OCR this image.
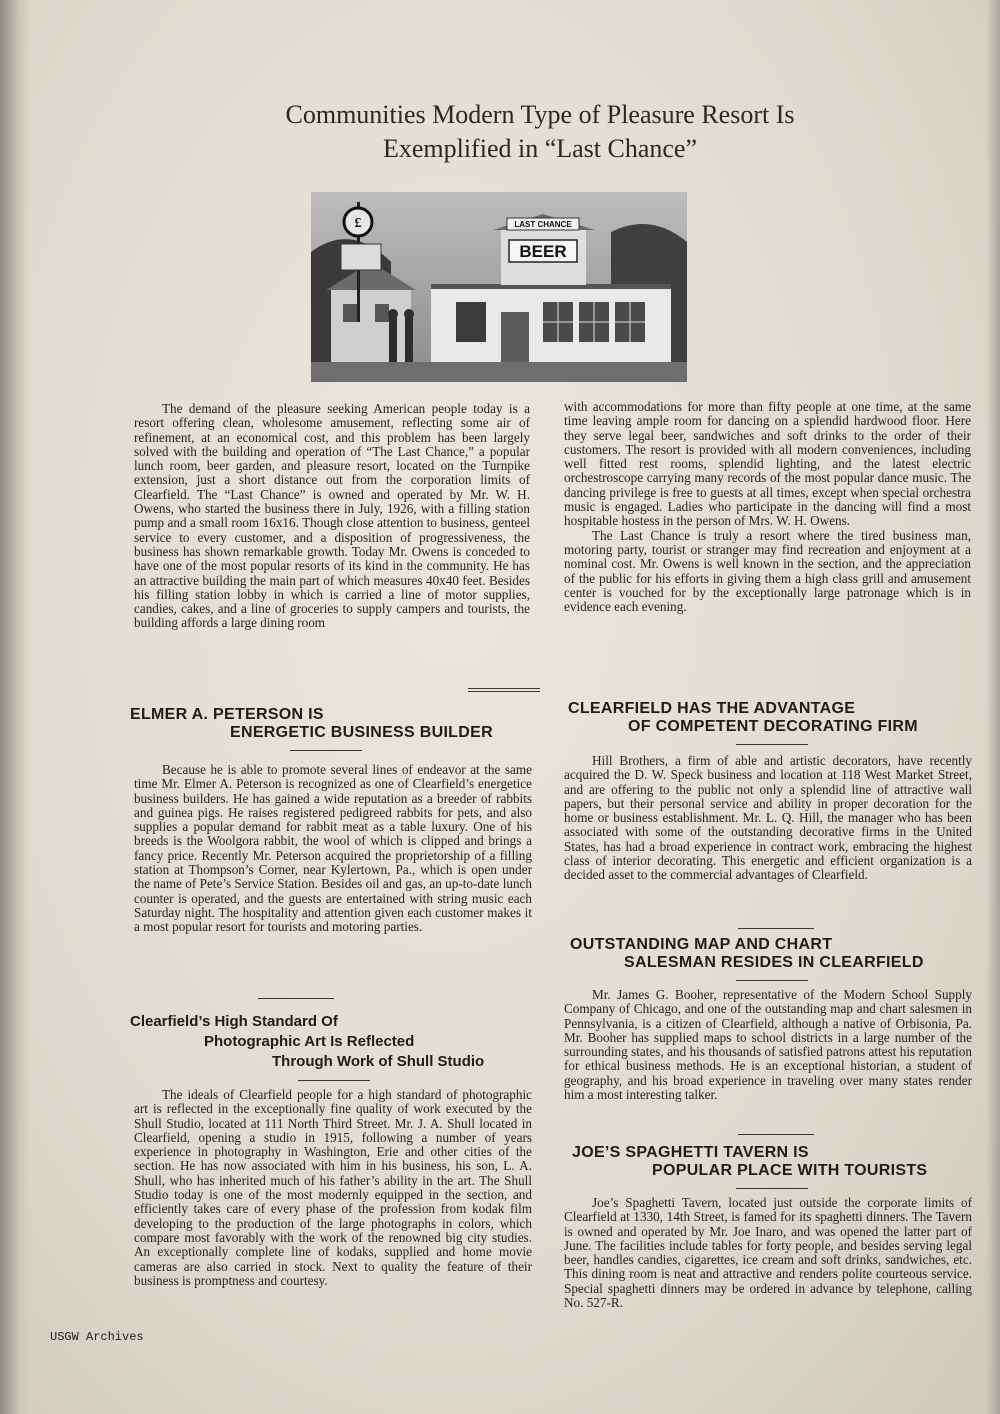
Communities Modern Type of Pleasure Resort Is
Exemplified in “Last Chance”
£	LAST CHANCE
BEER

The demand of the pleasure seeking American people today is a resort offering clean, wholesome amusement, reflecting some air of refinement, at an economical cost, and this problem has been largely solved with the building and operation of “The Last Chance,” a popular lunch room, beer garden, and pleasure resort, located on the Turnpike extension, just a short distance out from the corporation limits of Clearfield. The “Last Chance” is owned and operated by Mr. W. H. Owens, who started the business there in July, 1926, with a filling station pump and a small room 16x16. Though close attention to business, genteel service to every customer, and a disposition of progressiveness, the business has shown remarkable growth. Today Mr. Owens is conceded to have one of the most popular resorts of its kind in the community. He has an attractive building the main part of which measures 40x40 feet. Besides his filling station lobby in which is carried a line of motor supplies, candies, cakes, and a line of groceries to supply campers and tourists, the building affords a large dining room

with accommodations for more than fifty people at one time, at the same time leaving ample room for dancing on a splendid hardwood floor. Here they serve legal beer, sandwiches and soft drinks to the order of their customers. The resort is provided with all modern conveniences, including well fitted rest rooms, splendid lighting, and the latest electric orchestroscope carrying many records of the most popular dance music. The dancing privilege is free to guests at all times, except when special orchestra music is engaged. Ladies who participate in the dancing will find a most hospitable hostess in the person of Mrs. W. H. Owens.

The Last Chance is truly a resort where the tired business man, motoring party, tourist or stranger may find recreation and enjoyment at a nominal cost. Mr. Owens is well known in the section, and the appreciation of the public for his efforts in giving them a high class grill and amusement center is vouched for by the exceptionally large patronage which is in evidence each evening.

ELMER A. PETERSON IS
ENERGETIC BUSINESS BUILDER

Because he is able to promote several lines of endeavor at the same time Mr. Elmer A. Peterson is recognized as one of Clearfield’s energetice business builders. He has gained a wide reputation as a breeder of rabbits and guinea pigs. He raises registered pedigreed rabbits for pets, and also supplies a popular demand for rabbit meat as a table luxury. One of his breeds is the Woolgora rabbit, the wool of which is clipped and brings a fancy price. Recently Mr. Peterson acquired the proprietorship of a filling station at Thompson’s Corner, near Kylertown, Pa., which is open under the name of Pete’s Service Station. Besides oil and gas, an up-to-date lunch counter is operated, and the guests are entertained with string music each Saturday night. The hospitality and attention given each customer makes it a most popular resort for tourists and motoring parties.

Clearfield’s High Standard Of
Photographic Art Is Reflected
Through Work of Shull Studio

The ideals of Clearfield people for a high standard of photographic art is reflected in the exceptionally fine quality of work executed by the Shull Studio, located at 111 North Third Street. Mr. J. A. Shull located in Clearfield, opening a studio in 1915, following a number of years experience in photography in Washington, Erie and other cities of the section. He has now associated with him in his business, his son, L. A. Shull, who has inherited much of his father’s ability in the art. The Shull Studio today is one of the most modernly equipped in the section, and efficiently takes care of every phase of the profession from kodak film developing to the production of the large photographs in colors, which compare most favorably with the work of the renowned big city studies. An exceptionally complete line of kodaks, supplied and home movie cameras are also carried in stock. Next to quality the feature of their business is promptness and courtesy.

CLEARFIELD HAS THE ADVANTAGE
OF COMPETENT DECORATING FIRM

Hill Brothers, a firm of able and artistic decorators, have recently acquired the D. W. Speck business and location at 118 West Market Street, and are offering to the public not only a splendid line of attractive wall papers, but their personal service and ability in proper decoration for the home or business establishment. Mr. L. Q. Hill, the manager who has been associated with some of the outstanding decorative firms in the United States, has had a broad experience in contract work, embracing the highest class of interior decorating. This energetic and efficient organization is a decided asset to the commercial advantages of Clearfield.

OUTSTANDING MAP AND CHART
SALESMAN RESIDES IN CLEARFIELD

Mr. James G. Booher, representative of the Modern School Supply Company of Chicago, and one of the outstanding map and chart salesmen in Pennsylvania, is a citizen of Clearfield, although a native of Orbisonia, Pa. Mr. Booher has supplied maps to school districts in a large number of the surrounding states, and his thousands of satisfied patrons attest his reputation for ethical business methods. He is an exceptional historian, a student of geography, and his broad experience in traveling over many states render him a most interesting talker.

JOE’S SPAGHETTI TAVERN IS
POPULAR PLACE WITH TOURISTS

Joe’s Spaghetti Tavern, located just outside the corporate limits of Clearfield at 1330, 14th Street, is famed for its spaghetti dinners. The Tavern is owned and operated by Mr. Joe Inaro, and was opened the latter part of June. The facilities include tables for forty people, and besides serving legal beer, handles candies, cigarettes, ice cream and soft drinks, sandwiches, etc. This dining room is neat and attractive and renders polite courteous service. Special spaghetti dinners may be ordered in advance by telephone, calling No. 527-R.

USGW Archives
